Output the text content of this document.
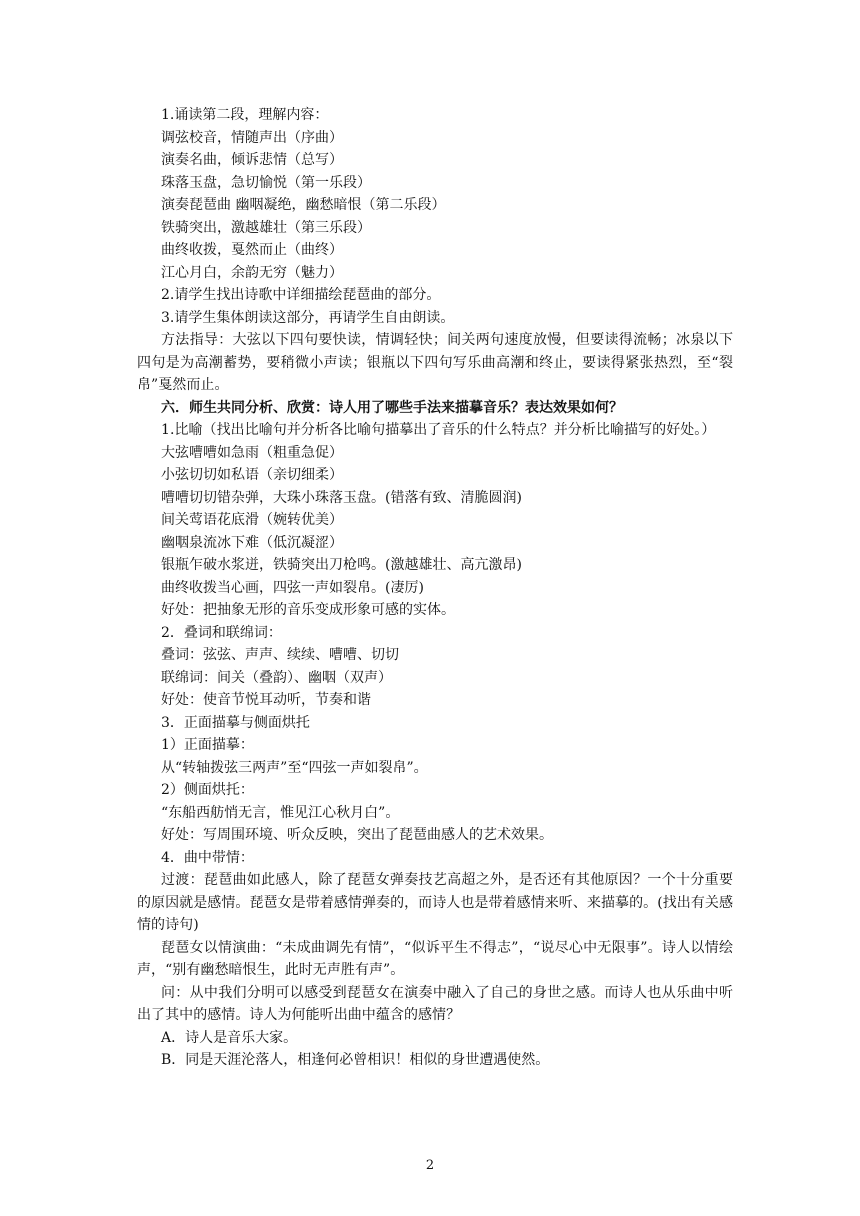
1.诵读第二段，理解内容：

调弦校音，情随声出（序曲）

演奏名曲，倾诉悲情（总写）

珠落玉盘，急切愉悦（第一乐段）

演奏琵琶曲 幽咽凝绝，幽愁暗恨（第二乐段）

铁骑突出，激越雄壮（第三乐段）

曲终收拨，戛然而止（曲终）

江心月白，余韵无穷（魅力）

2.请学生找出诗歌中详细描绘琵琶曲的部分。

3.请学生集体朗读这部分，再请学生自由朗读。

方法指导：大弦以下四句要快读，情调轻快；间关两句速度放慢，但要读得流畅；冰泉以下四句是为高潮蓄势，要稍微小声读；银瓶以下四句写乐曲高潮和终止，要读得紧张热烈，至“裂帛”戛然而止。

六．师生共同分析、欣赏：诗人用了哪些手法来描摹音乐？表达效果如何？

1.比喻（找出比喻句并分析各比喻句描摹出了音乐的什么特点？并分析比喻描写的好处。）

大弦嘈嘈如急雨（粗重急促）

小弦切切如私语（亲切细柔）

嘈嘈切切错杂弹，大珠小珠落玉盘。(错落有致、清脆圆润)

间关莺语花底滑（婉转优美）

幽咽泉流冰下难（低沉凝涩）

银瓶乍破水浆迸，铁骑突出刀枪鸣。(激越雄壮、高亢激昂)

曲终收拨当心画，四弦一声如裂帛。(凄厉)

好处：把抽象无形的音乐变成形象可感的实体。

2．叠词和联绵词：

叠词：弦弦、声声、续续、嘈嘈、切切

联绵词：间关（叠韵）、幽咽（双声）

好处：使音节悦耳动听，节奏和谐

3．正面描摹与侧面烘托

1）正面描摹：

从“转轴拨弦三两声”至“四弦一声如裂帛”。

2）侧面烘托：

“东船西舫悄无言，惟见江心秋月白”。

好处：写周围环境、听众反映，突出了琵琶曲感人的艺术效果。

4．曲中带情：

过渡：琵琶曲如此感人，除了琵琶女弹奏技艺高超之外，是否还有其他原因？一个十分重要的原因就是感情。琵琶女是带着感情弹奏的，而诗人也是带着感情来听、来描摹的。(找出有关感情的诗句)

琵琶女以情演曲：“未成曲调先有情”，“似诉平生不得志”，“说尽心中无限事”。诗人以情绘声，“别有幽愁暗恨生，此时无声胜有声”。

问：从中我们分明可以感受到琵琶女在演奏中融入了自己的身世之感。而诗人也从乐曲中听出了其中的感情。诗人为何能听出曲中蕴含的感情？

A．诗人是音乐大家。

B．同是天涯沦落人，相逢何必曾相识！相似的身世遭遇使然。

2
